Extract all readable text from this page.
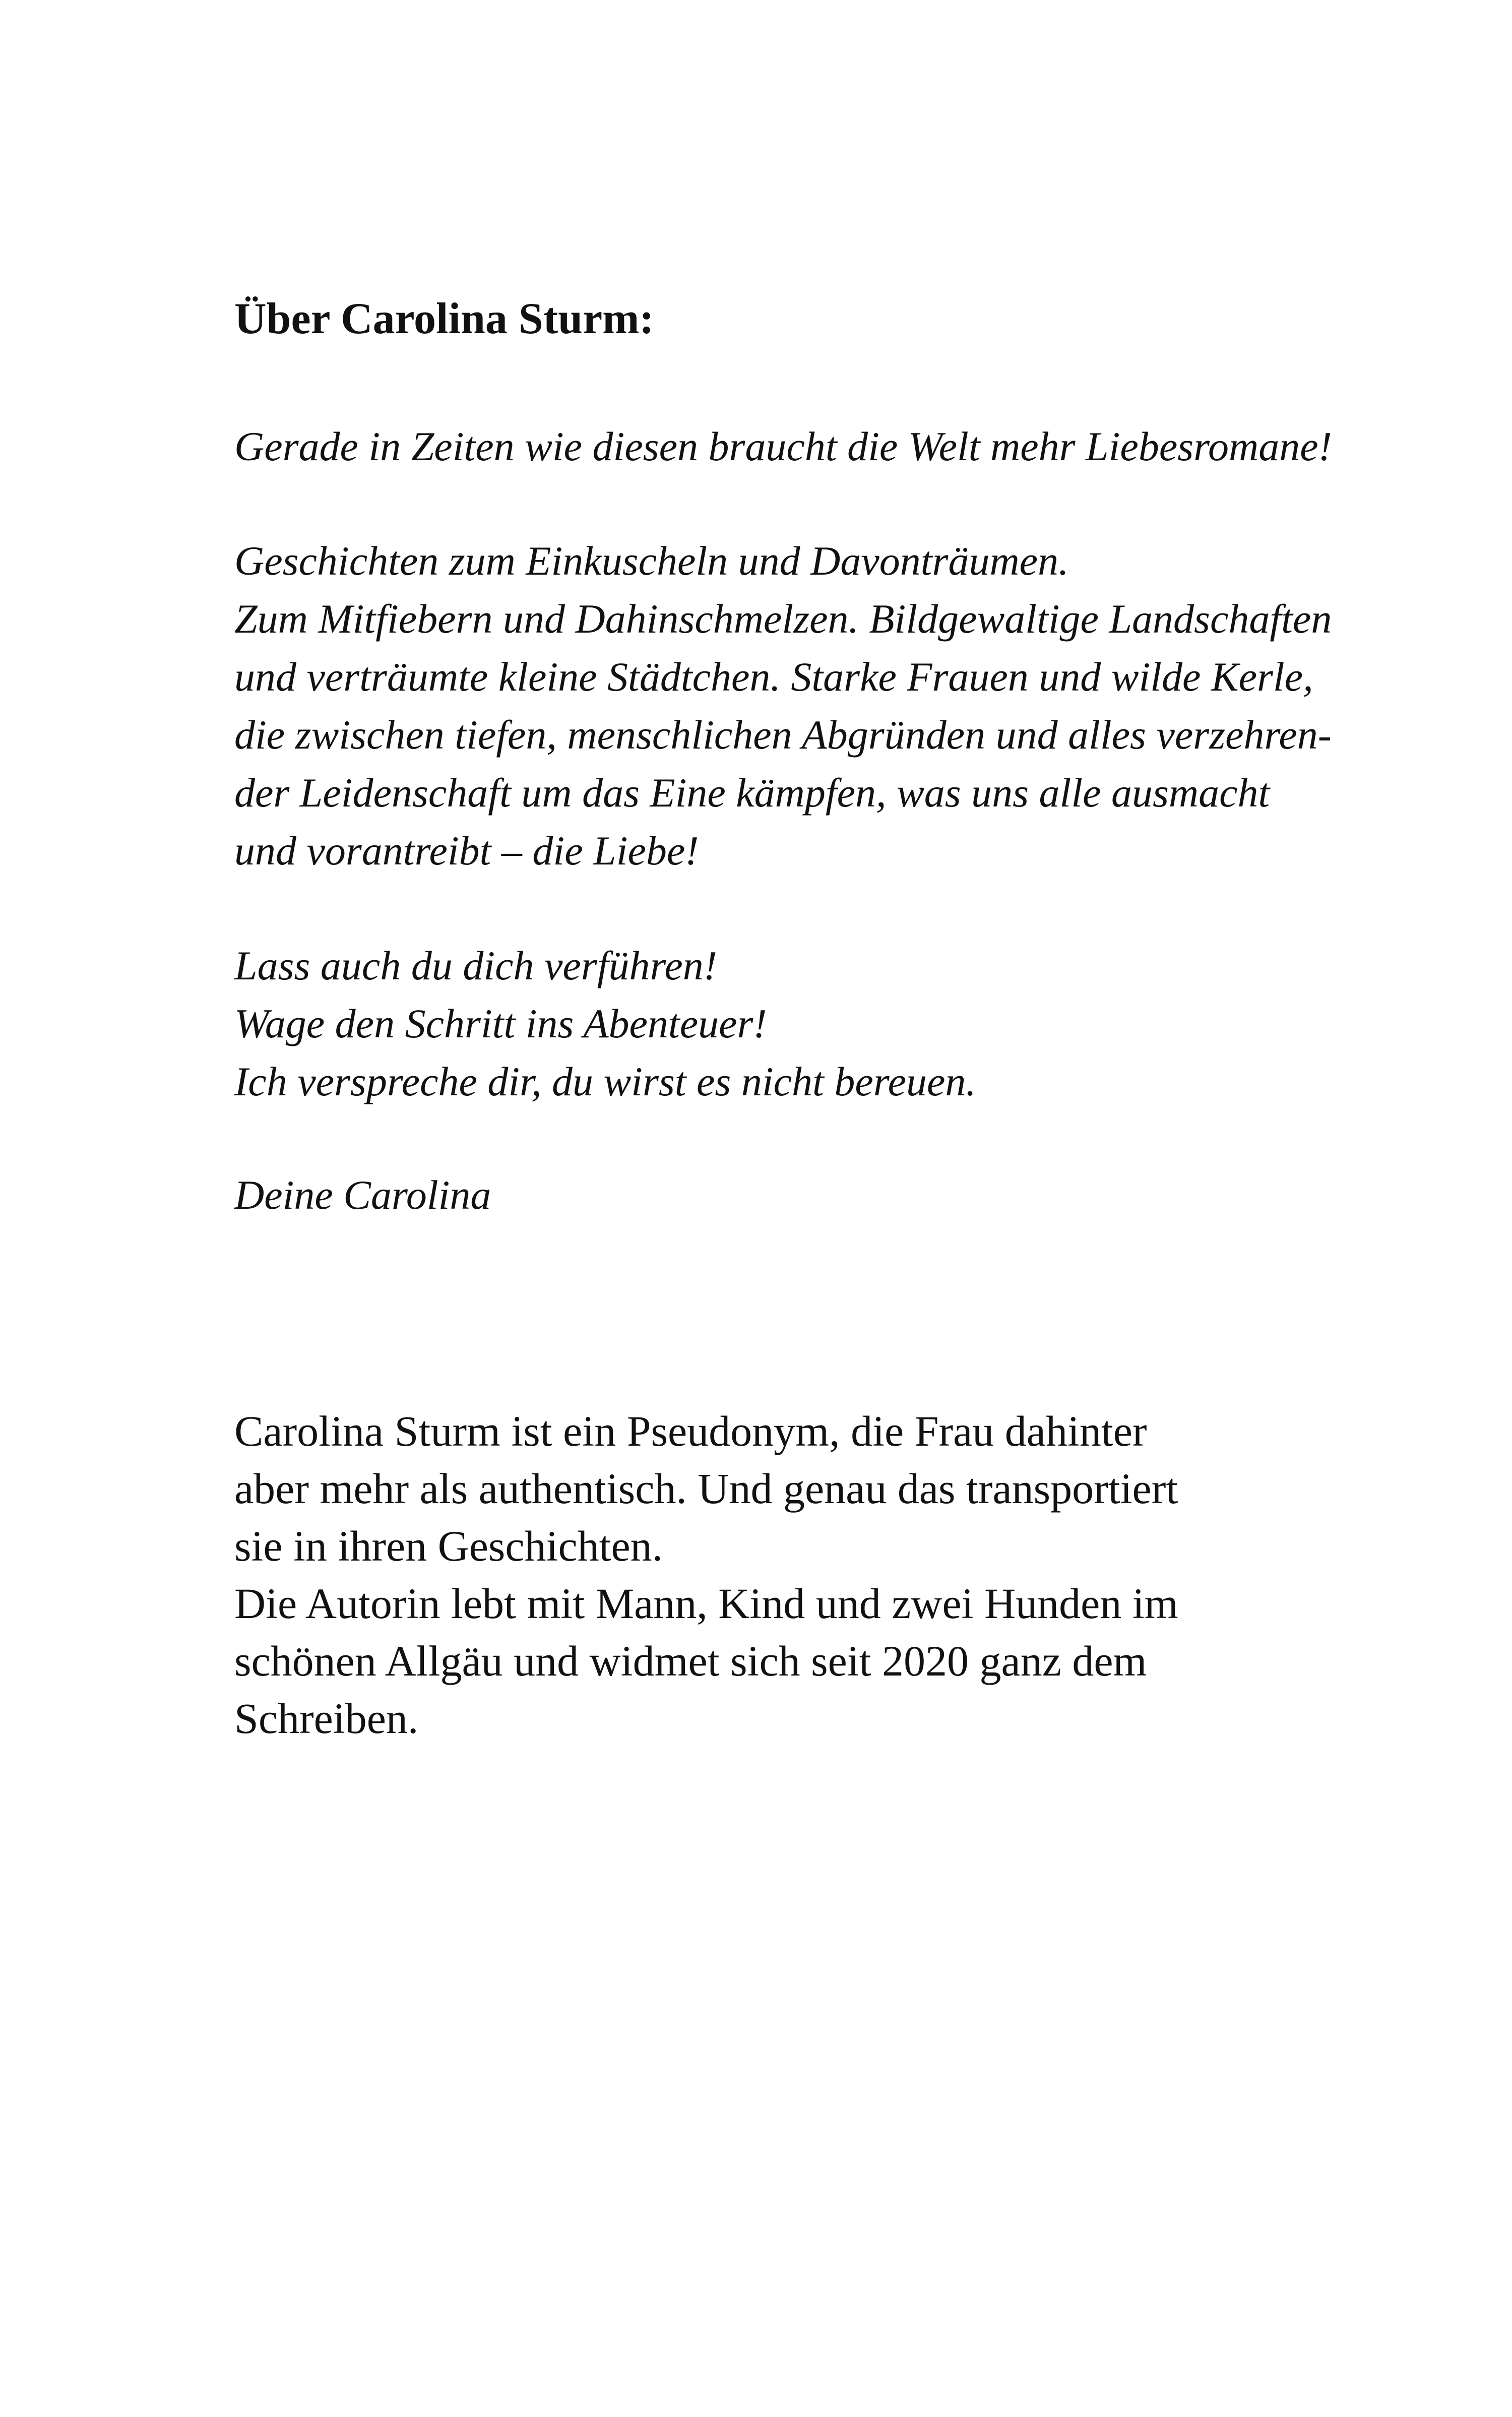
Über Carolina Sturm:

Gerade in Zeiten wie diesen braucht die Welt mehr Liebesromane!

Geschichten zum Einkuscheln und Davonträumen.
Zum Mitfiebern und Dahinschmelzen. Bildgewaltige Landschaften
und verträumte kleine Städtchen. Starke Frauen und wilde Kerle,
die zwischen tiefen, menschlichen Abgründen und alles verzehren-
der Leidenschaft um das Eine kämpfen, was uns alle ausmacht
und vorantreibt – die Liebe!

Lass auch du dich verführen!
Wage den Schritt ins Abenteuer!
Ich verspreche dir, du wirst es nicht bereuen.

Deine Carolina

Carolina Sturm ist ein Pseudonym, die Frau dahinter
aber mehr als authentisch. Und genau das transportiert
sie in ihren Geschichten.
Die Autorin lebt mit Mann, Kind und zwei Hunden im
schönen Allgäu und widmet sich seit 2020 ganz dem
Schreiben.
